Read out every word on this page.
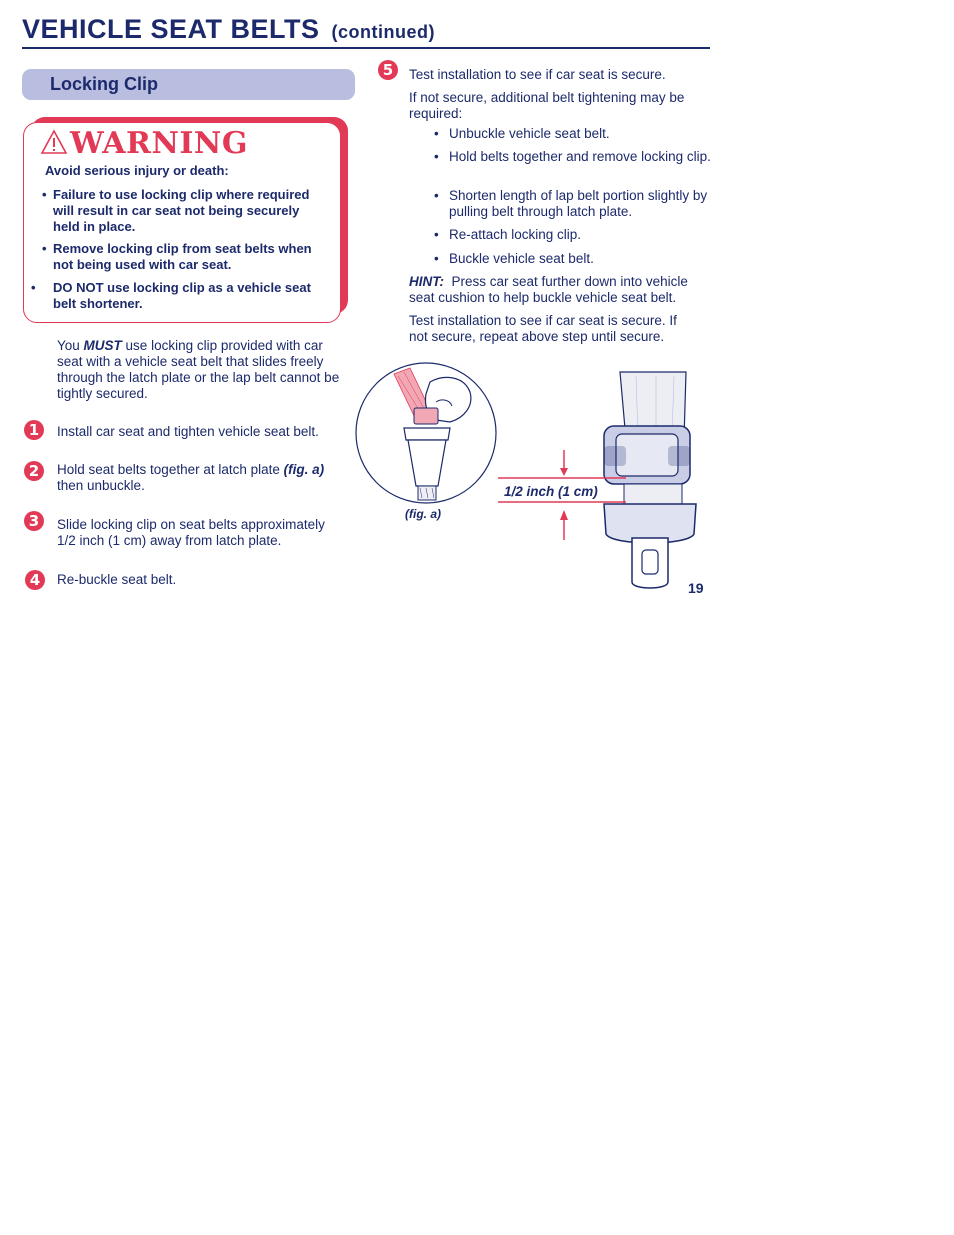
VEHICLE SEAT BELTS (continued)
Locking Clip
WARNING
Avoid serious injury or death:
• Failure to use locking clip where required will result in car seat not being securely held in place.
• Remove locking clip from seat belts when not being used with car seat.
• DO NOT use locking clip as a vehicle seat belt shortener.
You MUST use locking clip provided with car seat with a vehicle seat belt that slides freely through the latch plate or the lap belt cannot be tightly secured.
1	Install car seat and tighten vehicle seat belt.
2	Hold seat belts together at latch plate (fig. a) then unbuckle.
3	Slide locking clip on seat belts approximately 1/2 inch (1 cm) away from latch plate.
4	Re-buckle seat belt.
5	Test installation to see if car seat is secure.
If not secure, additional belt tightening may be required:
• Unbuckle vehicle seat belt.
• Hold belts together and remove locking clip.
• Shorten length of lap belt portion slightly by pulling belt through latch plate.
• Re-attach locking clip.
• Buckle vehicle seat belt.
HINT: Press car seat further down into vehicle seat cushion to help buckle vehicle seat belt.
Test installation to see if car seat is secure. If not secure, repeat above step until secure.
(fig. a)
1/2 inch (1 cm)
19
